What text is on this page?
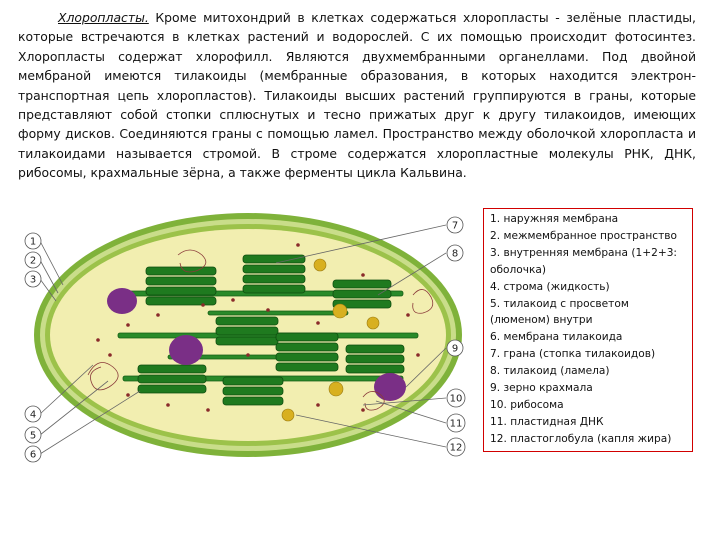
Хлоропласты. Кроме митохондрий в клетках содержаться хлоропласты - зелёные пластиды, которые встречаются в клетках растений и водорослей. С их помощью происходит фотосинтез. Хлоропласты содержат хлорофилл. Являются двухмембранными органеллами. Под двойной мембраной имеются тилакоиды (мембранные образования, в которых находится электрон-транспортная цепь хлоропластов). Тилакоиды высших растений группируются в граны, которые представляют собой стопки сплюснутых и тесно прижатых друг к другу тилакоидов, имеющих форму дисков. Соединяются граны с помощью ламел. Пространство между оболочкой хлоропласта и тилакоидами называется стромой. В строме содержатся хлоропластные молекулы РНК, ДНК, рибосомы, крахмальные зёрна, а также ферменты цикла Кальвина.

1
2
3
4
5
6
7
8
9
10
11
12
1. наружняя мембрана
2. межмембранное пространство
3. внутренняя мембрана (1+2+3: оболочка)
4. строма (жидкость)
5. тилакоид с просветом (люменом) внутри
6. мембрана тилакоида
7. грана (стопка тилакоидов)
8. тилакоид (ламела)
9. зерно крахмала
10. рибосома
11. пластидная ДНК
12. пластоглобула (капля жира)
